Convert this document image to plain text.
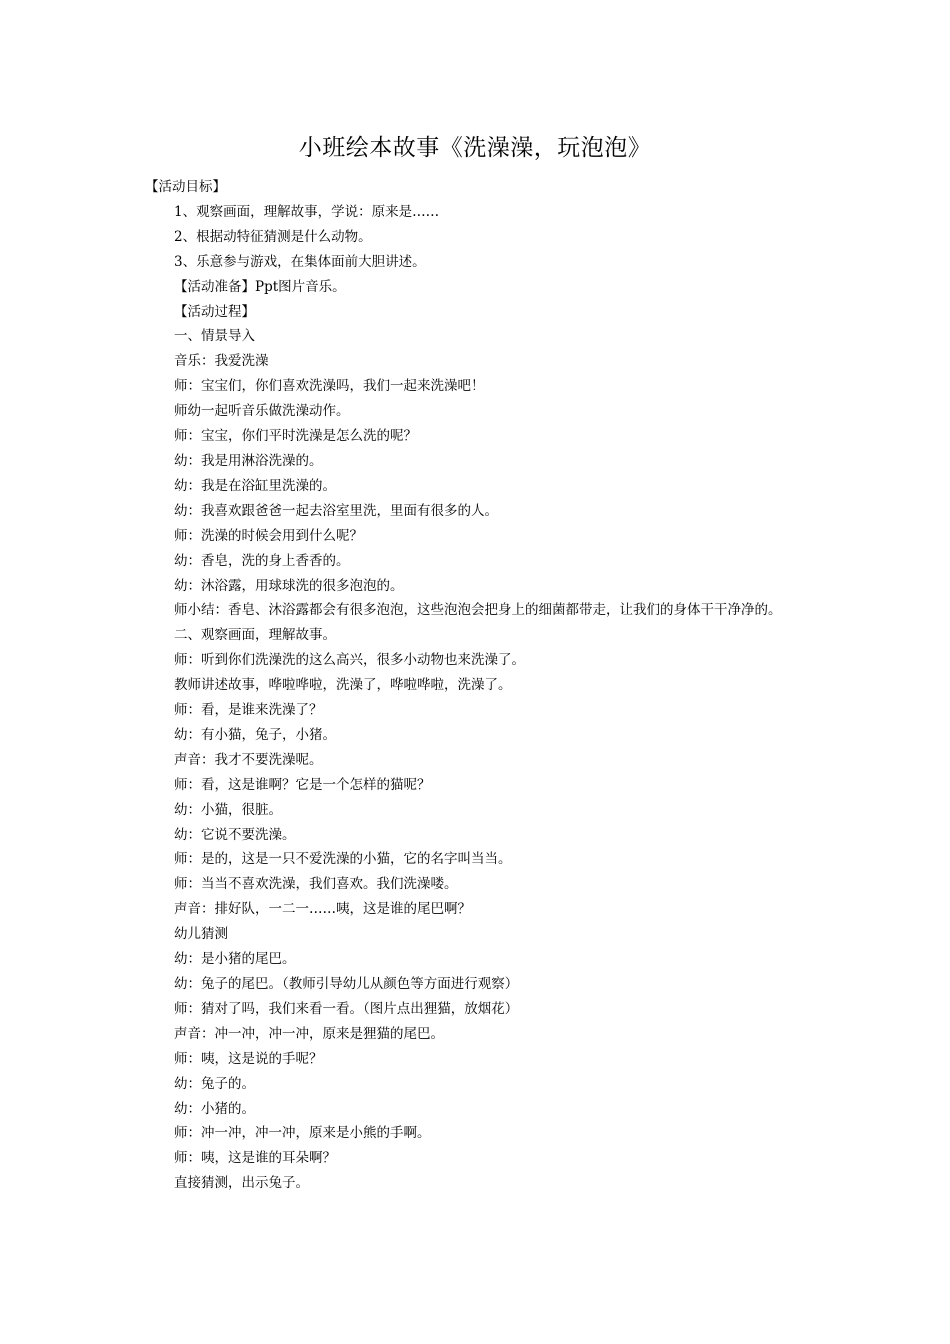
小班绘本故事《洗澡澡，玩泡泡》
【活动目标】
1、观察画面，理解故事，学说：原来是……
2、根据动特征猜测是什么动物。
3、乐意参与游戏，在集体面前大胆讲述。
【活动准备】Ppt图片音乐。
【活动过程】
一、情景导入
音乐：我爱洗澡
师：宝宝们，你们喜欢洗澡吗，我们一起来洗澡吧！
师幼一起听音乐做洗澡动作。
师：宝宝，你们平时洗澡是怎么洗的呢？
幼：我是用淋浴洗澡的。
幼：我是在浴缸里洗澡的。
幼：我喜欢跟爸爸一起去浴室里洗，里面有很多的人。
师：洗澡的时候会用到什么呢？
幼：香皂，洗的身上香香的。
幼：沐浴露，用球球洗的很多泡泡的。
师小结：香皂、沐浴露都会有很多泡泡，这些泡泡会把身上的细菌都带走，让我们的身体干干净净的。
二、观察画面，理解故事。
师：听到你们洗澡洗的这么高兴，很多小动物也来洗澡了。
教师讲述故事，哗啦哗啦，洗澡了，哗啦哗啦，洗澡了。
师：看，是谁来洗澡了？
幼：有小猫，兔子，小猪。
声音：我才不要洗澡呢。
师：看，这是谁啊？它是一个怎样的猫呢？
幼：小猫，很脏。
幼：它说不要洗澡。
师：是的，这是一只不爱洗澡的小猫，它的名字叫当当。
师：当当不喜欢洗澡，我们喜欢。我们洗澡喽。
声音：排好队，一二一……咦，这是谁的尾巴啊？
幼儿猜测
幼：是小猪的尾巴。
幼：兔子的尾巴。（教师引导幼儿从颜色等方面进行观察）
师：猜对了吗，我们来看一看。（图片点出狸猫，放烟花）
声音：冲一冲，冲一冲，原来是狸猫的尾巴。
师：咦，这是说的手呢？
幼：兔子的。
幼：小猪的。
师：冲一冲，冲一冲，原来是小熊的手啊。
师：咦，这是谁的耳朵啊？
直接猜测，出示兔子。
